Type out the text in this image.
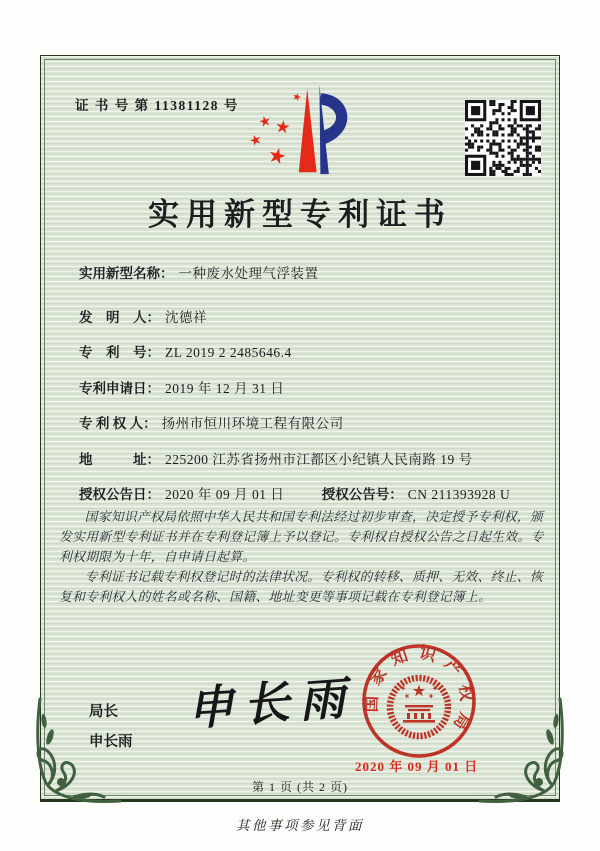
证 书 号 第 11381128 号
实用新型专利证书
实用新型名称： 一种废水处理气浮装置
发　明　人： 沈德祥
专　利　号： ZL 2019 2 2485646.4
专利申请日： 2019 年 12 月 31 日
专 利 权 人： 扬州市恒川环境工程有限公司
地　　　址： 225200 江苏省扬州市江都区小纪镇人民南路 19 号
授权公告日： 2020 年 09 月 01 日	授权公告号： CN 211393928 U

国家知识产权局依照中华人民共和国专利法经过初步审查，决定授予专利权，颁发实用新型专利证书并在专利登记簿上予以登记。专利权自授权公告之日起生效。专利权期限为十年，自申请日起算。

专利证书记载专利权登记时的法律状况。专利权的转移、质押、无效、终止、恢复和专利权人的姓名或名称、国籍、地址变更等事项记载在专利登记簿上。

局长
申长雨
申长雨 国家知识产权局
2020 年 09 月 01 日
第 1 页 (共 2 页)
其他事项参见背面
